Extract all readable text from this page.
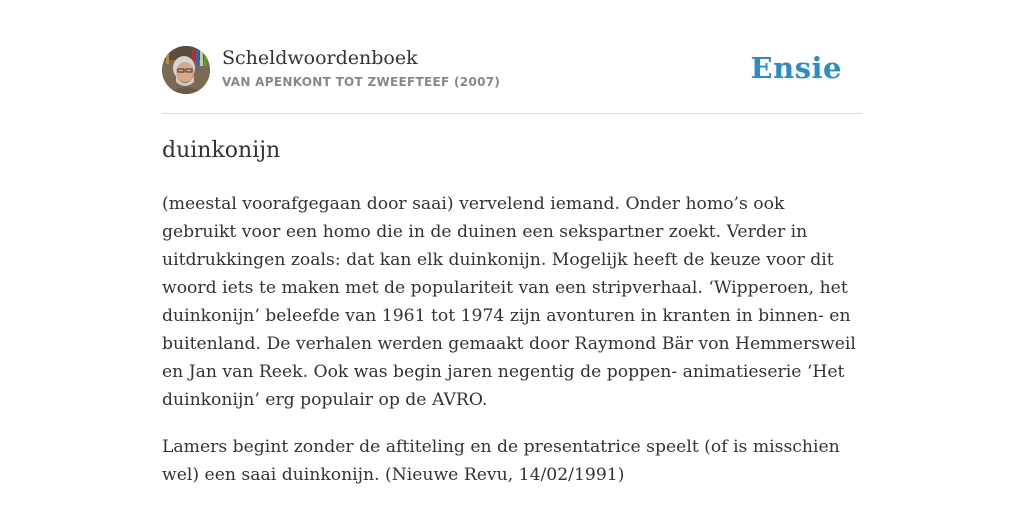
Scheldwoordenboek
VAN APENKONT TOT ZWEEFTEEF (2007)	Ensie
duinkonijn

(meestal voorafgegaan door saai) vervelend iemand. Onder homo’s ook gebruikt voor een homo die in de duinen een sekspartner zoekt. Verder in uitdrukkingen zoals: dat kan elk duinkonijn. Mogelijk heeft de keuze voor dit woord iets te maken met de populariteit van een stripverhaal. ‘Wipperoen, het duinkonijn’ beleefde van 1961 tot 1974 zijn avonturen in kranten in binnen- en buitenland. De verhalen werden gemaakt door Raymond Bär von Hemmersweil en Jan van Reek. Ook was begin jaren negentig de poppen- animatieserie ‘Het duinkonijn’ erg populair op de AVRO.

Lamers begint zonder de aftiteling en de presentatrice speelt (of is misschien wel) een saai duinkonijn. (Nieuwe Revu, 14/02/1991)
